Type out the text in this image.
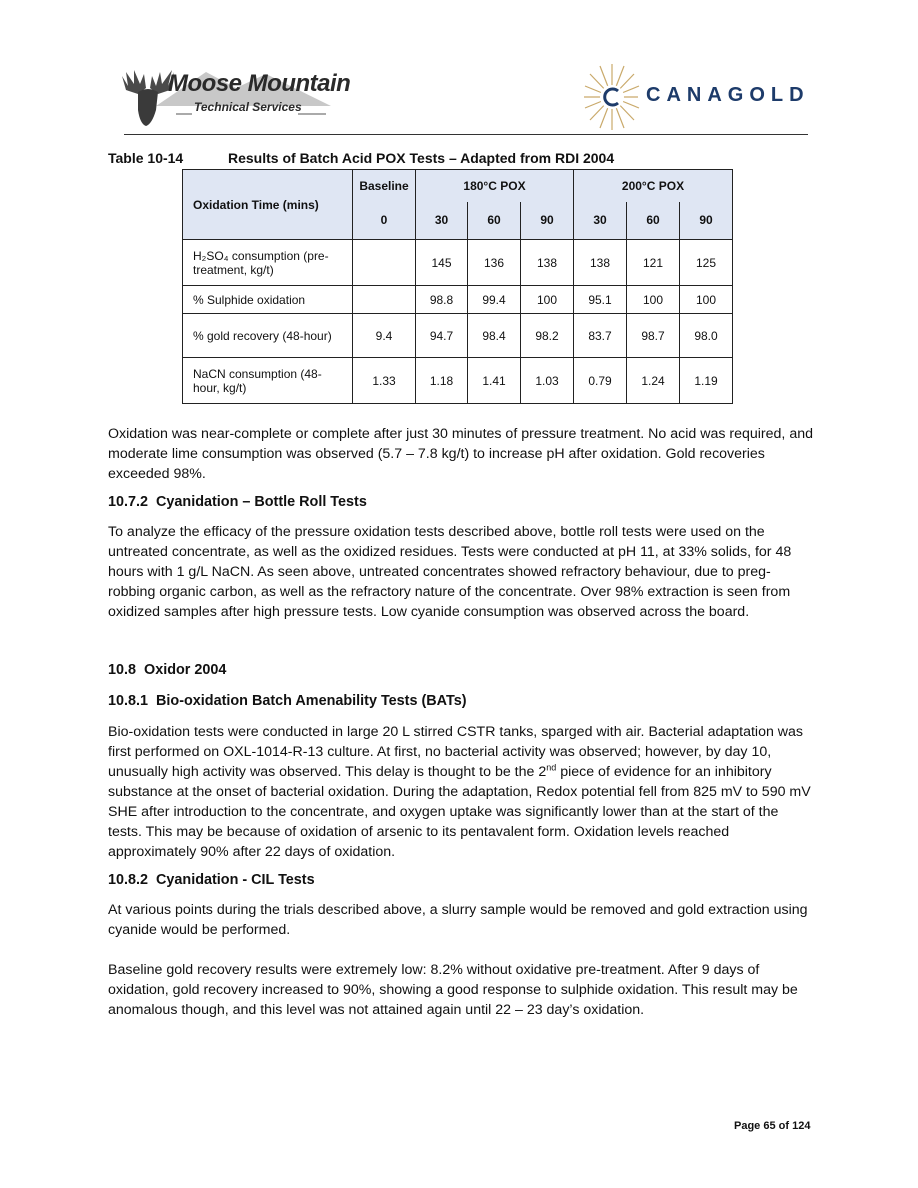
Moose Mountain
Technical Services
CANAGOLD
Table 10-14	Results of Batch Acid POX Tests – Adapted from RDI 2004
Oxidation Time (mins)	Baseline	180°C POX			200°C POX		
	0	30	60	90	30	60	90
H₂SO₄ consumption (pre-treatment, kg/t)		145	136	138	138	121	125
% Sulphide oxidation		98.8	99.4	100	95.1	100	100
% gold recovery (48-hour)	9.4	94.7	98.4	98.2	83.7	98.7	98.0
NaCN consumption (48-hour, kg/t)	1.33	1.18	1.41	1.03	0.79	1.24	1.19

Oxidation was near-complete or complete after just 30 minutes of pressure treatment. No acid was required, and moderate lime consumption was observed (5.7 – 7.8 kg/t) to increase pH after oxidation. Gold recoveries exceeded 98%.

10.7.2 Cyanidation – Bottle Roll Tests

To analyze the efficacy of the pressure oxidation tests described above, bottle roll tests were used on the untreated concentrate, as well as the oxidized residues. Tests were conducted at pH 11, at 33% solids, for 48 hours with 1 g/L NaCN. As seen above, untreated concentrates showed refractory behaviour, due to preg-robbing organic carbon, as well as the refractory nature of the concentrate. Over 98% extraction is seen from oxidized samples after high pressure tests. Low cyanide consumption was observed across the board.

10.8 Oxidor 2004
10.8.1 Bio-oxidation Batch Amenability Tests (BATs)

Bio-oxidation tests were conducted in large 20 L stirred CSTR tanks, sparged with air. Bacterial adaptation was first performed on OXL-1014-R-13 culture. At first, no bacterial activity was observed; however, by day 10, unusually high activity was observed. This delay is thought to be the 2nd piece of evidence for an inhibitory substance at the onset of bacterial oxidation. During the adaptation, Redox potential fell from 825 mV to 590 mV SHE after introduction to the concentrate, and oxygen uptake was significantly lower than at the start of the tests. This may be because of oxidation of arsenic to its pentavalent form. Oxidation levels reached approximately 90% after 22 days of oxidation.

10.8.2 Cyanidation - CIL Tests

At various points during the trials described above, a slurry sample would be removed and gold extraction using cyanide would be performed.

Baseline gold recovery results were extremely low: 8.2% without oxidative pre-treatment. After 9 days of oxidation, gold recovery increased to 90%, showing a good response to sulphide oxidation. This result may be anomalous though, and this level was not attained again until 22 – 23 day’s oxidation.

Page 65 of 124
